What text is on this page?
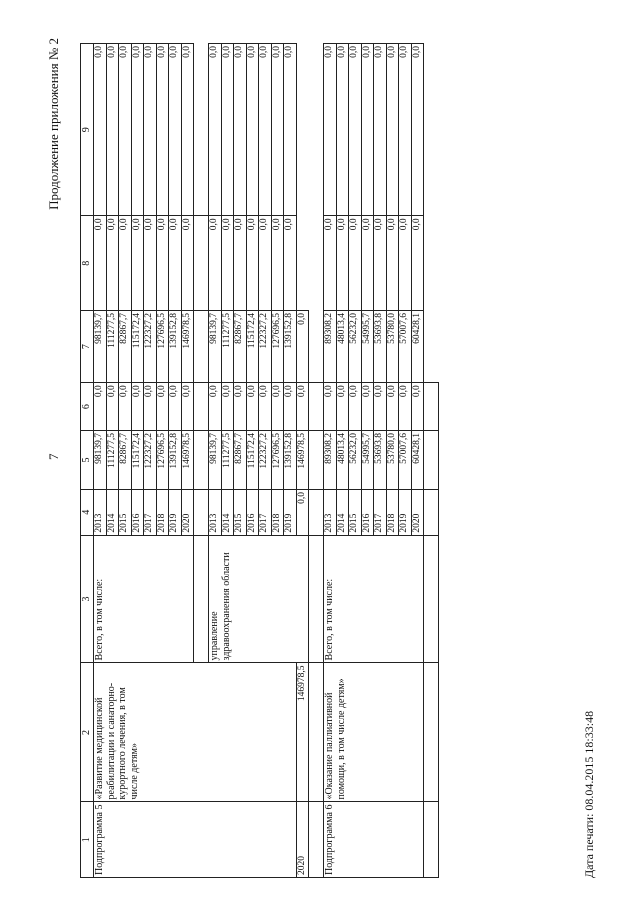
7
Продолжение приложения № 2
1	2	3	4	5	6	7	8	9
Подпрограмма 5	«Развитие медицинской реабилитации и санаторно-курортного лечения, в том числе детям»	Всего, в том числе:	2013	98139,7	0,0	98139,7	0,0	0,0
			2014	111277,5	0,0	111277,5	0,0	0,0
			2015	82867,7	0,0	82867,7	0,0	0,0
			2016	115172,4	0,0	115172,4	0,0	0,0
			2017	122327,2	0,0	122327,2	0,0	0,0
			2018	127696,5	0,0	127696,5	0,0	0,0
			2019	139152,8	0,0	139152,8	0,0	0,0
			2020	146978,5	0,0	146978,5	0,0	0,0

		управление здравоохранения области	2013	98139,7	0,0	98139,7	0,0	0,0
			2014	111277,5	0,0	111277,5	0,0	0,0
			2015	82867,7	0,0	82867,7	0,0	0,0
			2016	115172,4	0,0	115172,4	0,0	0,0
			2017	122327,2	0,0	122327,2	0,0	0,0
			2018	127696,5	0,0	127696,5	0,0	0,0
			2019	139152,8	0,0	139152,8	0,0	0,0
2020	146978,5		0,0	146978,5	0,0	0,0		

Подпрограмма 6	«Оказание паллиативной помощи, в том числе детям»	Всего, в том числе:	2013	89308,2	0,0	89308,2	0,0	0,0
			2014	48013,4	0,0	48013,4	0,0	0,0
			2015	56232,0	0,0	56232,0	0,0	0,0
			2016	54995,7	0,0	54995,7	0,0	0,0
			2017	53693,8	0,0	53693,8	0,0	0,0
			2018	53780,0	0,0	53780,0	0,0	0,0
			2019	57007,6	0,0	57007,6	0,0	0,0
			2020	60428,1	0,0	60428,1	0,0	0,0

Дата печати: 08.04.2015 18:33:48
